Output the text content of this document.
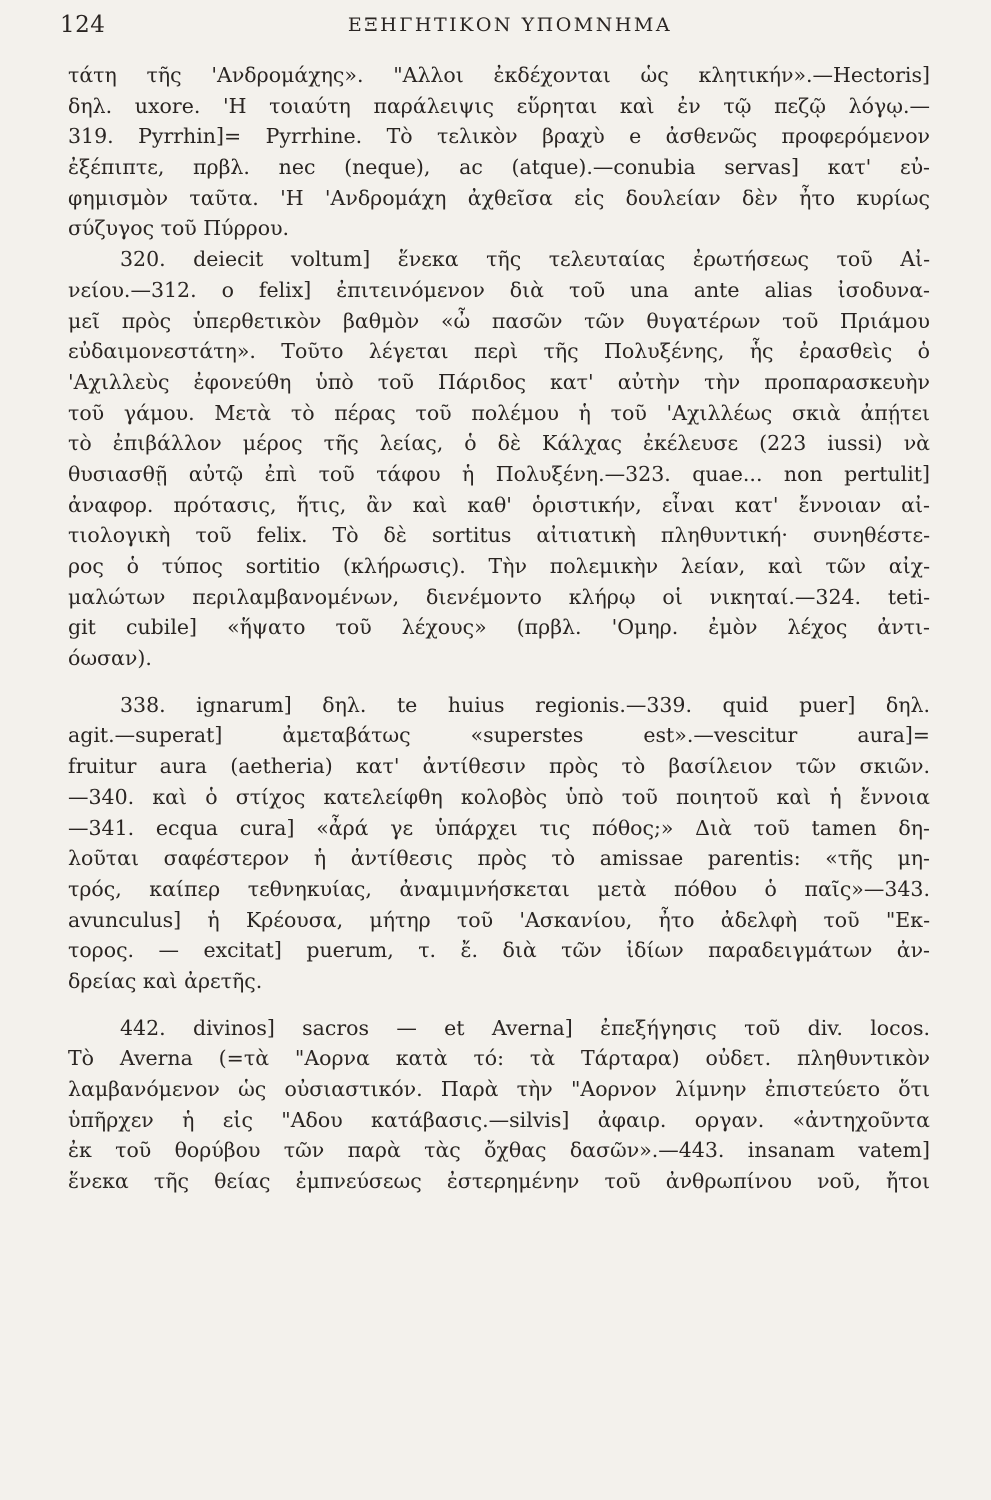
124	ΕΞΗΓΗΤΙΚΟΝ ΥΠΟΜΝΗΜΑ
τάτη τῆς 'Ανδρομάχης». "Αλλοι ἐκδέχονται ὡς κλητικήν».—Hectoris]
δηλ. uxore. 'Η τοιαύτη παράλειψις εὕρηται καὶ ἐν τῷ πεζῷ λόγῳ.—
319. Pyrrhin]= Pyrrhine. Τὸ τελικὸν βραχὺ e ἀσθενῶς προφερόμενον
ἐξέπιπτε, πρβλ. nec (neque), ac (atque).—conubia servas] κατ' εὐ-
φημισμὸν ταῦτα. 'Η 'Ανδρομάχη ἀχθεῖσα εἰς δουλείαν δὲν ἦτο κυρίως
σύζυγος τοῦ Πύρρου.
320. deiecit voltum] ἕνεκα τῆς τελευταίας ἐρωτήσεως τοῦ Αἰ-
νείου.—312. o felix] ἐπιτεινόμενον διὰ τοῦ una ante alias ἰσοδυνα-
μεῖ πρὸς ὑπερθετικὸν βαθμὸν «ὦ πασῶν τῶν θυγατέρων τοῦ Πριάμου
εὐδαιμονεστάτη». Τοῦτο λέγεται περὶ τῆς Πολυξένης, ἧς ἐρασθεὶς ὁ
'Αχιλλεὺς ἐφονεύθη ὑπὸ τοῦ Πάριδος κατ' αὐτὴν τὴν προπαρασκευὴν
τοῦ γάμου. Μετὰ τὸ πέρας τοῦ πολέμου ἡ τοῦ 'Αχιλλέως σκιὰ ἀπῄτει
τὸ ἐπιβάλλον μέρος τῆς λείας, ὁ δὲ Κάλχας ἐκέλευσε (223 iussi) νὰ
θυσιασθῇ αὐτῷ ἐπὶ τοῦ τάφου ἡ Πολυξένη.—323. quae... non pertulit]
ἀναφορ. πρότασις, ἥτις, ἂν καὶ καθ' ὁριστικήν, εἶναι κατ' ἔννοιαν αἰ-
τιολογικὴ τοῦ felix. Τὸ δὲ sortitus αἰτιατικὴ πληθυντική· συνηθέστε-
ρος ὁ τύπος sortitio (κλήρωσις). Τὴν πολεμικὴν λείαν, καὶ τῶν αἰχ-
μαλώτων περιλαμβανομένων, διενέμοντο κλήρῳ οἱ νικηταί.—324. teti-
git cubile] «ἥψατο τοῦ λέχους» (πρβλ. 'Ομηρ. ἐμὸν λέχος ἀντι-
όωσαν).
338. ignarum] δηλ. te huius regionis.—339. quid puer] δηλ.
agit.—superat] ἀμεταβάτως «superstes est».—vescitur aura]=
fruitur aura (aetheria) κατ' ἀντίθεσιν πρὸς τὸ βασίλειον τῶν σκιῶν.
—340. καὶ ὁ στίχος κατελείφθη κολοβὸς ὑπὸ τοῦ ποιητοῦ καὶ ἡ ἔννοια
—341. ecqua cura] «ἆρά γε ὑπάρχει τις πόθος;» Διὰ τοῦ tamen δη-
λοῦται σαφέστερον ἡ ἀντίθεσις πρὸς τὸ amissae parentis: «τῆς μη-
τρός, καίπερ τεθνηκυίας, ἀναμιμνήσκεται μετὰ πόθου ὁ παῖς»—343.
avunculus] ἡ Κρέουσα, μήτηρ τοῦ 'Ασκανίου, ἦτο ἀδελφὴ τοῦ "Εκ-
τορος. — excitat] puerum, τ. ἔ. διὰ τῶν ἰδίων παραδειγμάτων ἀν-
δρείας καὶ ἀρετῆς.
442. divinos] sacros — et Averna] ἐπεξήγησις τοῦ div. locos.
Τὸ Averna (=τὰ "Αορνα κατὰ τό: τὰ Τάρταρα) οὐδετ. πληθυντικὸν
λαμβανόμενον ὡς οὐσιαστικόν. Παρὰ τὴν "Αορνον λίμνην ἐπιστεύετο ὅτι
ὑπῆρχεν ἡ εἰς "Αδου κατάβασις.—silvis] ἀφαιρ. οργαν. «ἀντηχοῦντα
ἐκ τοῦ θορύβου τῶν παρὰ τὰς ὄχθας δασῶν».—443. insanam vatem]
ἕνεκα τῆς θείας ἐμπνεύσεως ἐστερημένην τοῦ ἀνθρωπίνου νοῦ, ἤτοι
